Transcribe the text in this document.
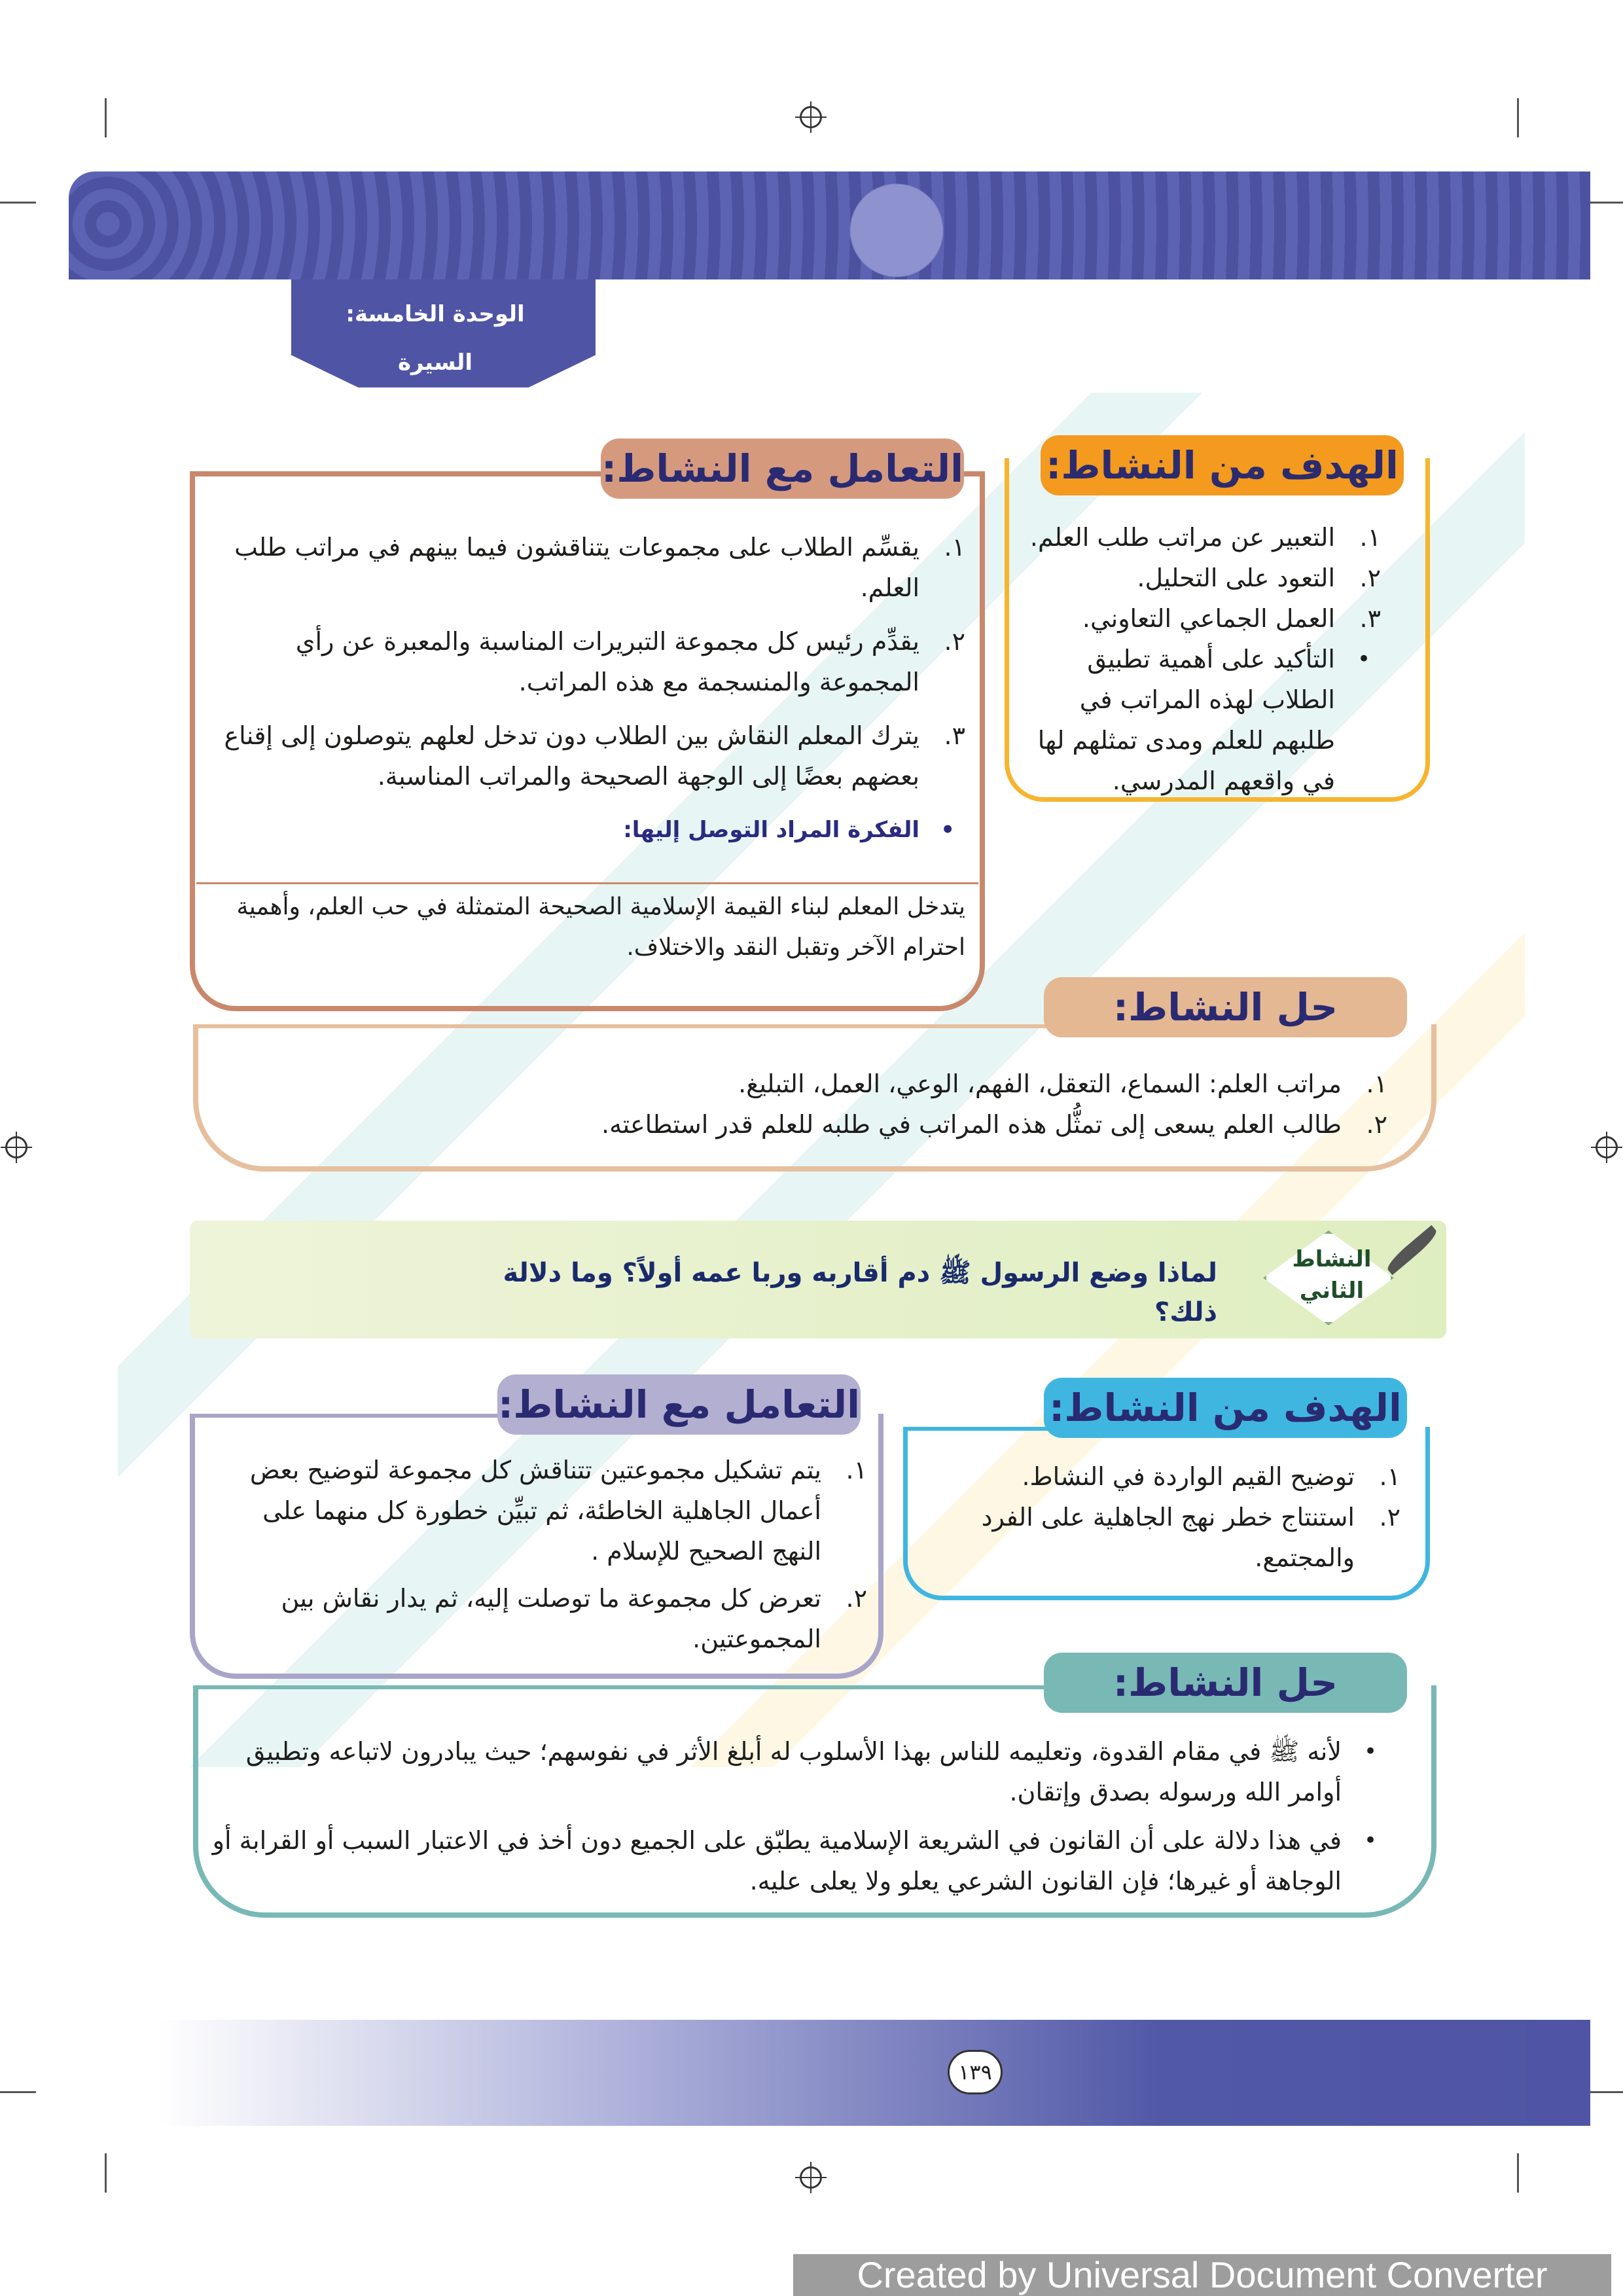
الوحدة الخامسة: السيرة
النبوية
الهدف من النشاط:
١.
التعبير عن مراتب طلب العلم.
٢.
التعود على التحليل.
٣.
العمل الجماعي التعاوني.
•
التأكيد على أهمية تطبيق الطلاب لهذه المراتب في طلبهم للعلم ومدى تمثلهم لها في واقعهم المدرسي.
التعامل مع النشاط:
١.
يقسِّم الطلاب على مجموعات يتناقشون فيما بينهم في مراتب طلب العلم.
٢.
يقدِّم رئيس كل مجموعة التبريرات المناسبة والمعبرة عن رأي المجموعة والمنسجمة مع هذه المراتب.
٣.
يترك المعلم النقاش بين الطلاب دون تدخل لعلهم يتوصلون إلى إقناع بعضهم بعضًا إلى الوجهة الصحيحة والمراتب المناسبة.
•
الفكرة المراد التوصل إليها:
يتدخل المعلم لبناء القيمة الإسلامية الصحيحة المتمثلة في حب العلم، وأهمية احترام الآخر وتقبل النقد والاختلاف.
حل النشاط:
١.
مراتب العلم: السماع، التعقل، الفهم، الوعي، العمل، التبليغ.
٢.
طالب العلم يسعى إلى تمثُّل هذه المراتب في طلبه للعلم قدر استطاعته.
النشاط
الثاني
لماذا وضع الرسول ﷺ دم أقاربه وربا عمه أولاً؟ وما دلالة ذلك؟
الهدف من النشاط:
١.
توضيح القيم الواردة في النشاط.
٢.
استنتاج خطر نهج الجاهلية على الفرد والمجتمع.
التعامل مع النشاط:
١.
يتم تشكيل مجموعتين تتناقش كل مجموعة لتوضيح بعض أعمال الجاهلية الخاطئة، ثم تبيِّن خطورة كل منهما على النهج الصحيح للإسلام .
٢.
تعرض كل مجموعة ما توصلت إليه، ثم يدار نقاش بين المجموعتين.
حل النشاط:
•
لأنه ﷺ في مقام القدوة، وتعليمه للناس بهذا الأسلوب له أبلغ الأثر في نفوسهم؛ حيث يبادرون لاتباعه وتطبيق أوامر الله ورسوله بصدق وإتقان.
•
في هذا دلالة على أن القانون في الشريعة الإسلامية يطبّق على الجميع دون أخذ في الاعتبار السبب أو القرابة أو الوجاهة أو غيرها؛ فإن القانون الشرعي يعلو ولا يعلى عليه.
١٣٩
Created by Universal Document Converter
